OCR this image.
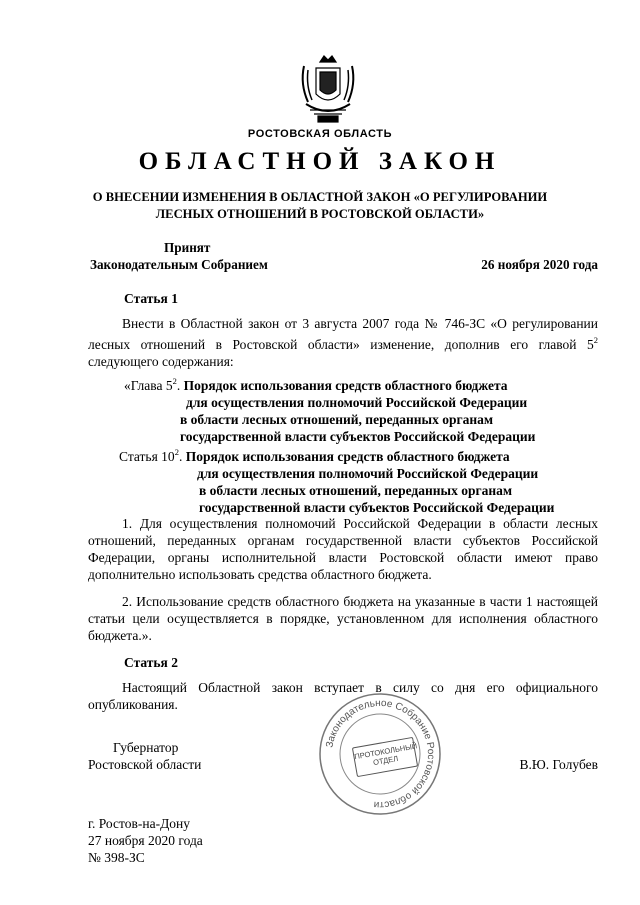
РОСТОВСКАЯ ОБЛАСТЬ
ОБЛАСТНОЙ ЗАКОН
О ВНЕСЕНИИ ИЗМЕНЕНИЯ В ОБЛАСТНОЙ ЗАКОН «О РЕГУЛИРОВАНИИ
ЛЕСНЫХ ОТНОШЕНИЙ В РОСТОВСКОЙ ОБЛАСТИ»
Принят
Законодательным Собранием	26 ноября 2020 года
Статья 1
Внести в Областной закон от 3 августа 2007 года № 746-ЗС «О регулировании лесных отношений в Ростовской области» изменение, дополнив его главой $5^2$ следующего содержания:
«Глава $5^2$. Порядок использования средств областного бюджета
для осуществления полномочий Российской Федерации
в области лесных отношений, переданных органам
государственной власти субъектов Российской Федерации
Статья $10^2$. Порядок использования средств областного бюджета
для осуществления полномочий Российской Федерации
в области лесных отношений, переданных органам
государственной власти субъектов Российской Федерации
1. Для осуществления полномочий Российской Федерации в области лесных отношений, переданных органам государственной власти субъектов Российской Федерации, органы исполнительной власти Ростовской области имеют право дополнительно использовать средства областного бюджета.
2. Использование средств областного бюджета на указанные в части 1 настоящей статьи цели осуществляется в порядке, установленном для исполнения областного бюджета.».
Статья 2
Настоящий Областной закон вступает в силу со дня его официального опубликования.
Законодательное Собрание Ростовской области
ПРОТОКОЛЬНЫЙ ОТДЕЛ
Губернатор
Ростовской области	В.Ю. Голубев
г. Ростов-на-Дону
27 ноября 2020 года
№ 398-ЗС
